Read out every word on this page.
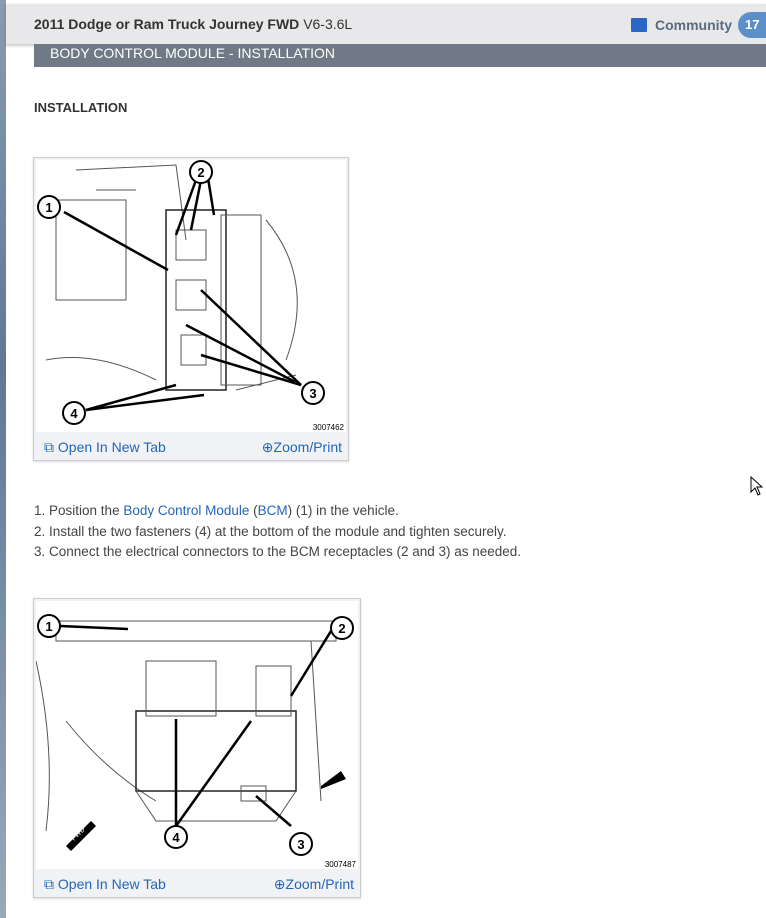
2011 Dodge or Ram Truck Journey FWD V6-3.6L	Community	17
BODY CONTROL MODULE - INSTALLATION
INSTALLATION
1
2
3
4
3007462
⧉ Open In New Tab	⊕Zoom/Print
1. Position the Body Control Module (BCM) (1) in the vehicle.
2. Install the two fasteners (4) at the bottom of the module and tighten securely.
3. Connect the electrical connectors to the BCM receptacles (2 and 3) as needed.
FWD
1	2
3
4
3007487
⧉ Open In New Tab	⊕Zoom/Print
